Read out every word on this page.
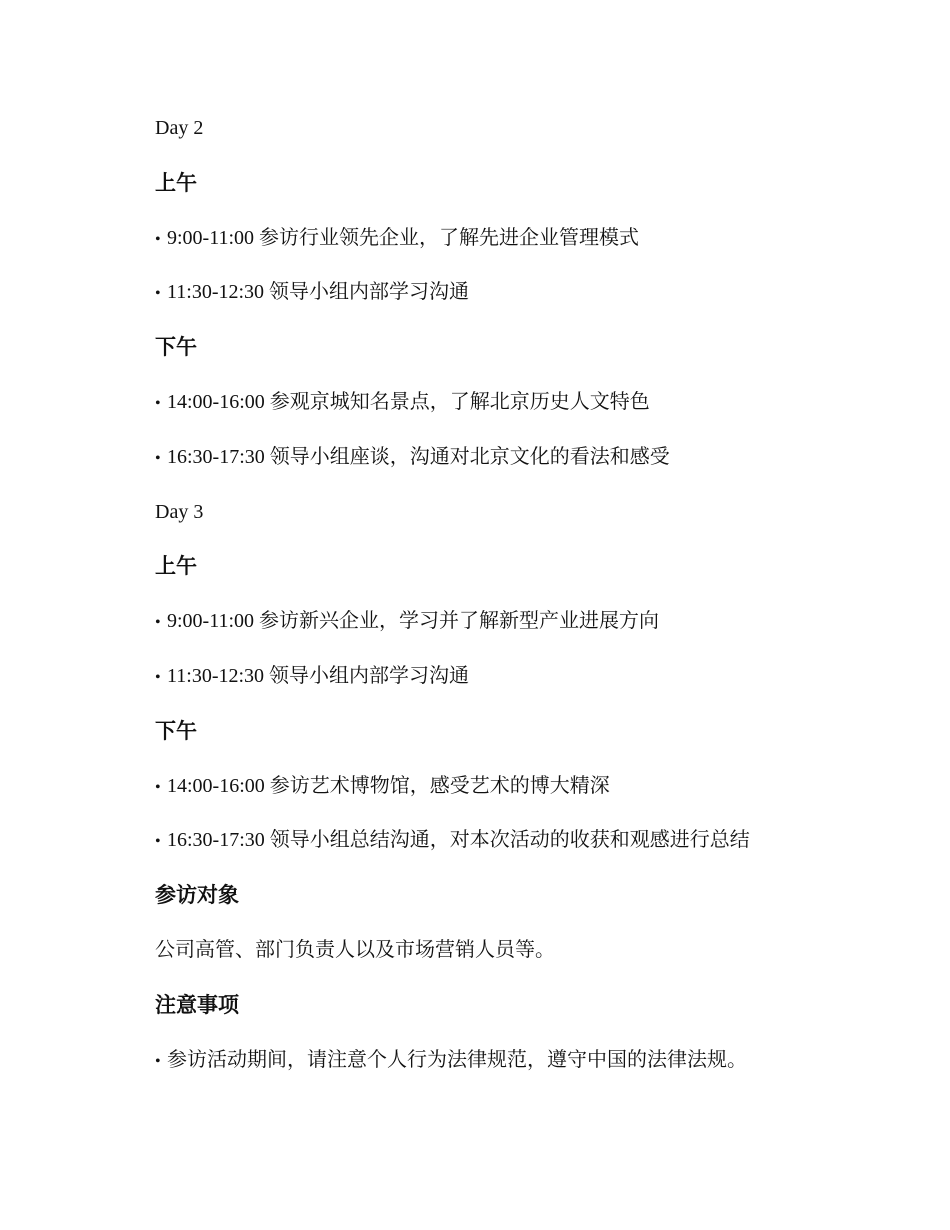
Day 2
上午
• 9:00-11:00 参访行业领先企业，了解先进企业管理模式
• 11:30-12:30 领导小组内部学习沟通
下午
• 14:00-16:00 参观京城知名景点，了解北京历史人文特色
• 16:30-17:30 领导小组座谈，沟通对北京文化的看法和感受
Day 3
上午
• 9:00-11:00 参访新兴企业，学习并了解新型产业进展方向
• 11:30-12:30 领导小组内部学习沟通
下午
• 14:00-16:00 参访艺术博物馆，感受艺术的博大精深
• 16:30-17:30 领导小组总结沟通，对本次活动的收获和观感进行总结
参访对象
公司高管、部门负责人以及市场营销人员等。
注意事项
• 参访活动期间，请注意个人行为法律规范，遵守中国的法律法规。
